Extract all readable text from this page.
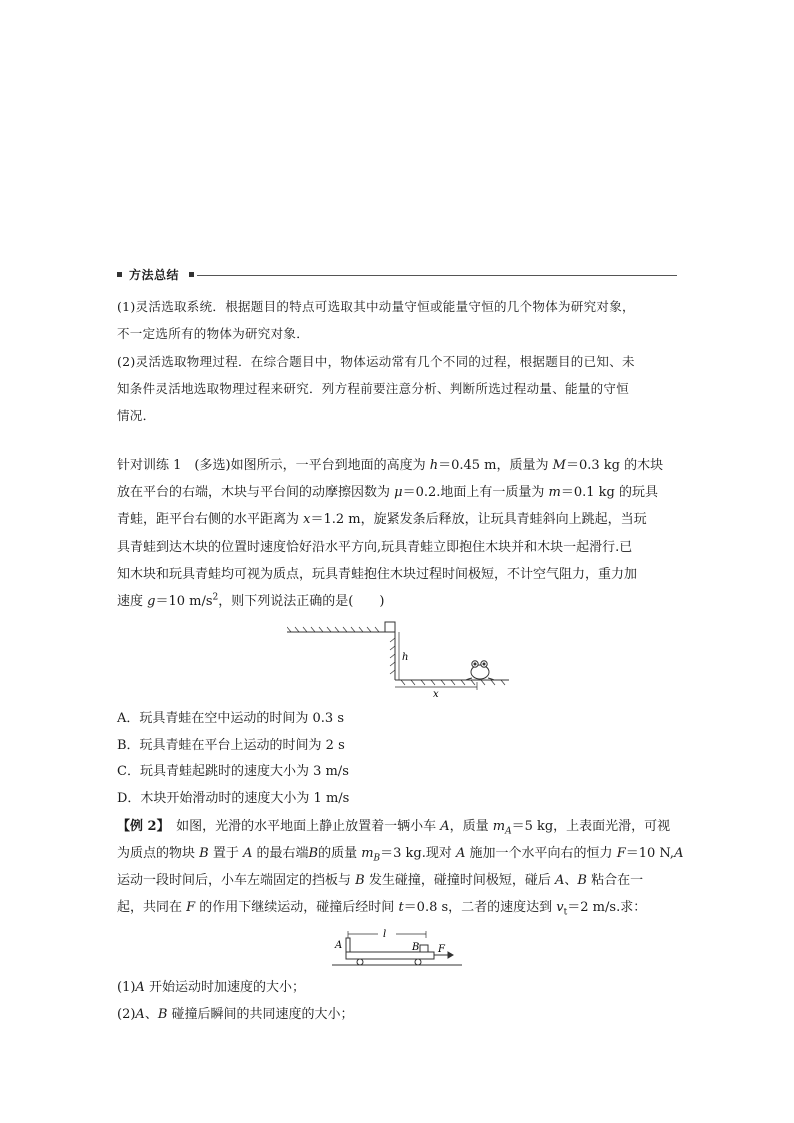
方法总结
(1)灵活选取系统．根据题目的特点可选取其中动量守恒或能量守恒的几个物体为研究对象，
不一定选所有的物体为研究对象．
(2)灵活选取物理过程．在综合题目中，物体运动常有几个不同的过程，根据题目的已知、未
知条件灵活地选取物理过程来研究．列方程前要注意分析、判断所选过程动量、能量的守恒
情况．
针对训练 1　(多选)如图所示，一平台到地面的高度为 h＝0.45 m，质量为 M＝0.3 kg 的木块
放在平台的右端，木块与平台间的动摩擦因数为 μ＝0.2.地面上有一质量为 m＝0.1 kg 的玩具
青蛙，距平台右侧的水平距离为 x＝1.2 m，旋紧发条后释放，让玩具青蛙斜向上跳起，当玩
具青蛙到达木块的位置时速度恰好沿水平方向,玩具青蛙立即抱住木块并和木块一起滑行.已
知木块和玩具青蛙均可视为质点，玩具青蛙抱住木块过程时间极短，不计空气阻力，重力加
速度 g＝10 $m/s^2$，则下列说法正确的是(　　)
h
x
A．玩具青蛙在空中运动的时间为 0.3 s
B．玩具青蛙在平台上运动的时间为 2 s
C．玩具青蛙起跳时的速度大小为 3 m/s
D．木块开始滑动时的速度大小为 1 m/s
【例 2】　如图，光滑的水平地面上静止放置着一辆小车 A，质量 $m_A=5$ kg，上表面光滑，可视
为质点的物块 B 置于 A 的最右端B的质量 $m_B=3$ kg.现对 A 施加一个水平向右的恒力 F＝10 N,A
运动一段时间后，小车左端固定的挡板与 B 发生碰撞，碰撞时间极短，碰后 A、B 粘合在一
起，共同在 F 的作用下继续运动，碰撞后经时间 t＝0.8 s，二者的速度达到 $v_t=2$ m/s.求：
l
A	B F
(1)A 开始运动时加速度的大小；
(2)A、B 碰撞后瞬间的共同速度的大小；
